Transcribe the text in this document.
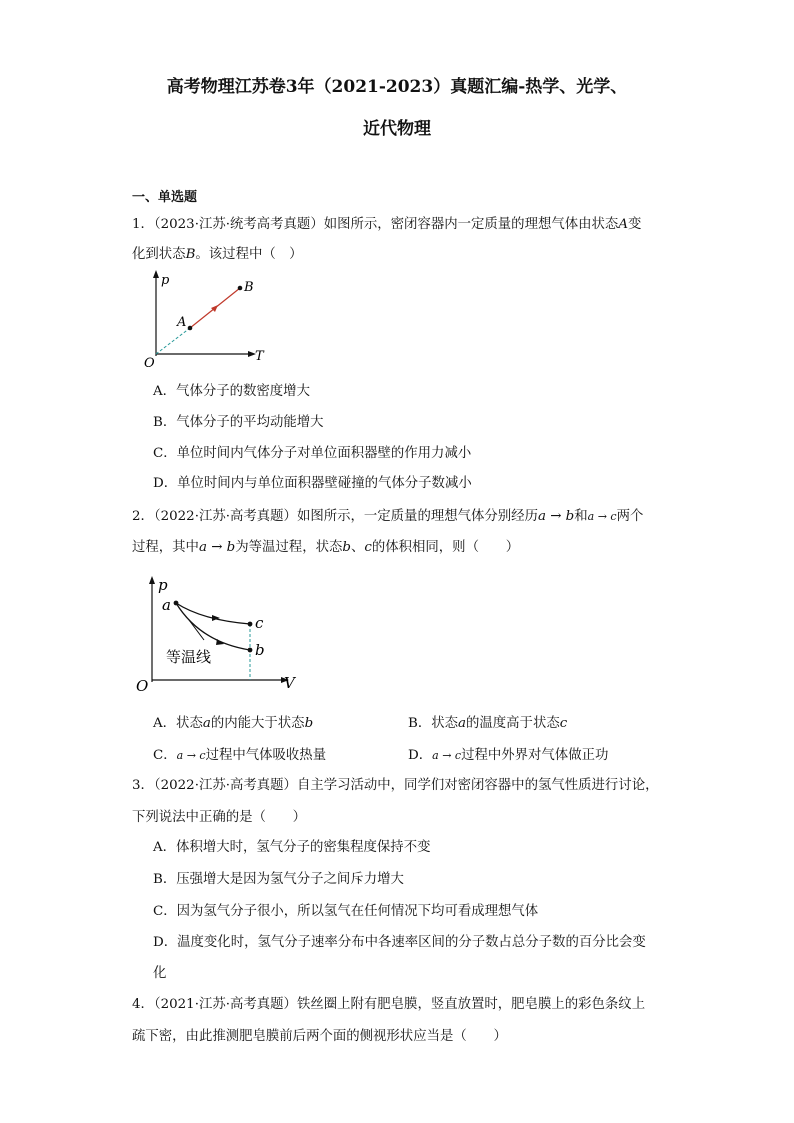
高考物理江苏卷3年（2021-2023）真题汇编-热学、光学、
近代物理
一、单选题
1．（2023·江苏·统考高考真题）如图所示，密闭容器内一定质量的理想气体由状态A变
化到状态B。该过程中（　）
p
T
O
A
B
A．气体分子的数密度增大
B．气体分子的平均动能增大
C．单位时间内气体分子对单位面积器壁的作用力减小
D．单位时间内与单位面积器壁碰撞的气体分子数减小
2．（2022·江苏·高考真题）如图所示，一定质量的理想气体分别经历a → b和a → c两个
过程，其中a → b为等温过程，状态b、c的体积相同，则（　　）
p
V
O
a
c
b
等温线
A．状态a的内能大于状态b	B．状态a的温度高于状态c
C．a → c过程中气体吸收热量	D．a → c过程中外界对气体做正功
3．（2022·江苏·高考真题）自主学习活动中，同学们对密闭容器中的氢气性质进行讨论，
下列说法中正确的是（　　）
A．体积增大时，氢气分子的密集程度保持不变
B．压强增大是因为氢气分子之间斥力增大
C．因为氢气分子很小，所以氢气在任何情况下均可看成理想气体
D．温度变化时，氢气分子速率分布中各速率区间的分子数占总分子数的百分比会变
化
4．（2021·江苏·高考真题）铁丝圈上附有肥皂膜，竖直放置时，肥皂膜上的彩色条纹上
疏下密，由此推测肥皂膜前后两个面的侧视形状应当是（　　）
